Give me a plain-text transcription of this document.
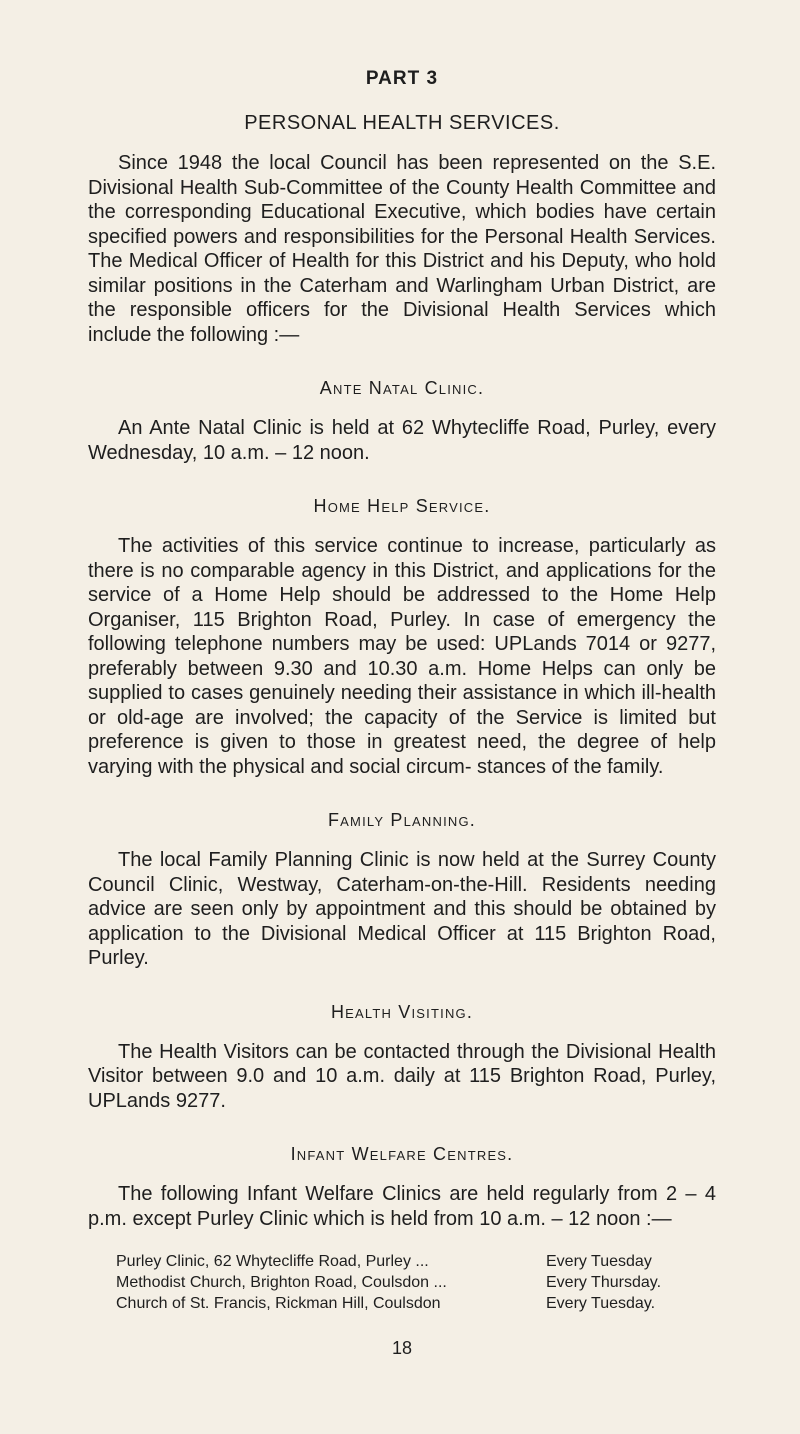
PART 3
PERSONAL HEALTH SERVICES.

Since 1948 the local Council has been represented on the S.E. Divisional Health Sub-Committee of the County Health Committee and the corresponding Educational Executive, which bodies have certain specified powers and responsibilities for the Personal Health Services. The Medical Officer of Health for this District and his Deputy, who hold similar positions in the Caterham and Warlingham Urban District, are the responsible officers for the Divisional Health Services which include the following :—

Ante Natal Clinic.

An Ante Natal Clinic is held at 62 Whytecliffe Road, Purley, every Wednesday, 10 a.m. – 12 noon.

Home Help Service.

The activities of this service continue to increase, particularly as there is no comparable agency in this District, and applications for the service of a Home Help should be addressed to the Home Help Organiser, 115 Brighton Road, Purley. In case of emergency the following telephone numbers may be used: UPLands 7014 or 9277, preferably between 9.30 and 10.30 a.m. Home Helps can only be supplied to cases genuinely needing their assistance in which ill-health or old-age are involved; the capacity of the Service is limited but preference is given to those in greatest need, the degree of help varying with the physical and social circum- stances of the family.

Family Planning.

The local Family Planning Clinic is now held at the Surrey County Council Clinic, Westway, Caterham-on-the-Hill. Residents needing advice are seen only by appointment and this should be obtained by application to the Divisional Medical Officer at 115 Brighton Road, Purley.

Health Visiting.

The Health Visitors can be contacted through the Divisional Health Visitor between 9.0 and 10 a.m. daily at 115 Brighton Road, Purley, UPLands 9277.

Infant Welfare Centres.

The following Infant Welfare Clinics are held regularly from 2 – 4 p.m. except Purley Clinic which is held from 10 a.m. – 12 noon :—

Purley Clinic, 62 Whytecliffe Road, Purley ...	Every Tuesday
Methodist Church, Brighton Road, Coulsdon ...	Every Thursday.
Church of St. Francis, Rickman Hill, Coulsdon	Every Tuesday.
18
